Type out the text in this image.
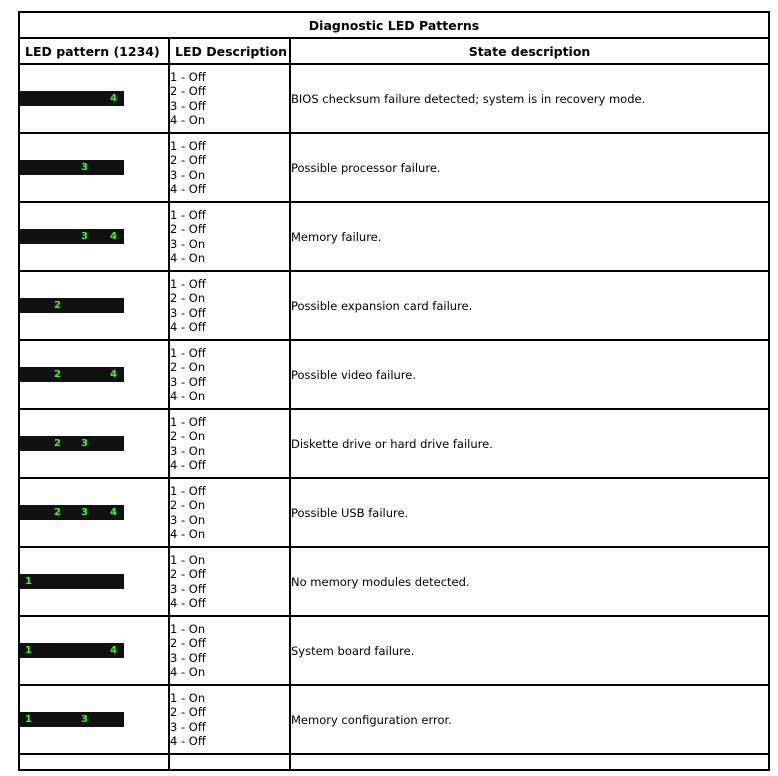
Diagnostic LED Patterns		
LED pattern (1234)	LED Description	State description

4	1 - Off
2 - Off
3 - Off
4 - On	BIOS checksum failure detected; system is in recovery mode.

3	1 - Off
2 - Off
3 - On
4 - Off	Possible processor failure.

3 4	1 - Off
2 - Off
3 - On
4 - On	Memory failure.

2	1 - Off
2 - On
3 - Off
4 - Off	Possible expansion card failure.

2 4	1 - Off
2 - On
3 - Off
4 - On	Possible video failure.

2 3	1 - Off
2 - On
3 - On
4 - Off	Diskette drive or hard drive failure.

2 3 4	1 - Off
2 - On
3 - On
4 - On	Possible USB failure.

1	1 - On
2 - Off
3 - Off
4 - Off	No memory modules detected.

1 4	1 - On
2 - Off
3 - Off
4 - On	System board failure.

1 3	1 - On
2 - Off
3 - Off
4 - Off	Memory configuration error.
